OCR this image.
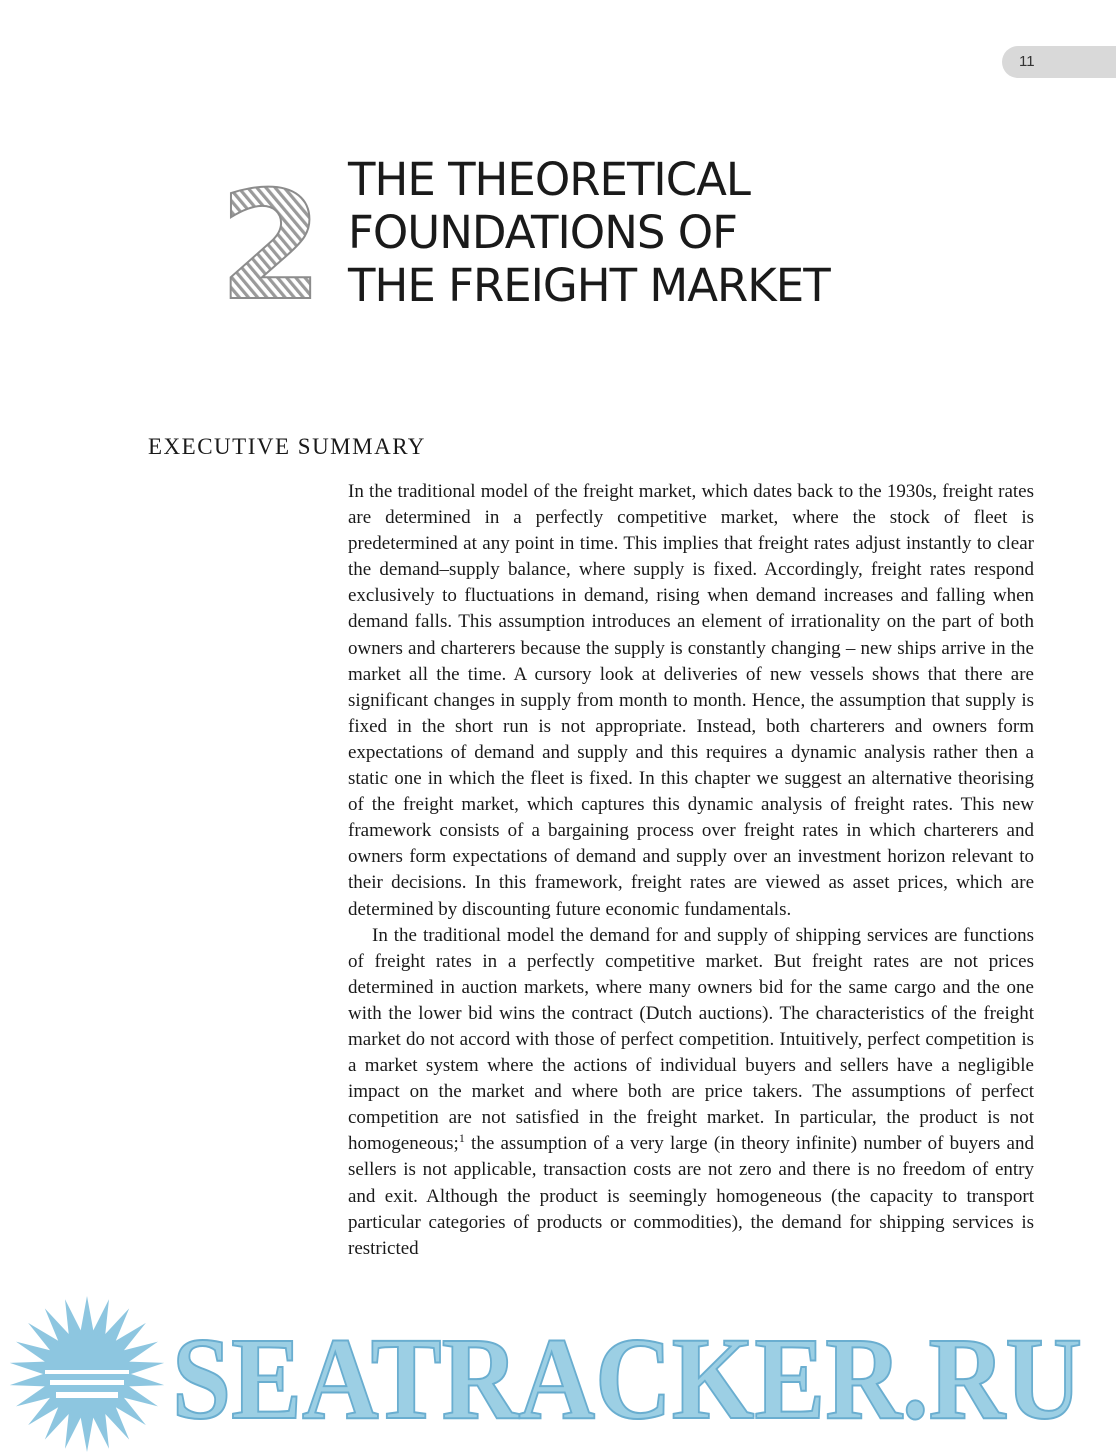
11
2 THE THEORETICAL
FOUNDATIONS OF
THE FREIGHT MARKET
EXECUTIVE SUMMARY

In the traditional model of the freight market, which dates back to the 1930s, freight rates are determined in a perfectly competitive market, where the stock of fleet is predetermined at any point in time. This implies that freight rates adjust instantly to clear the demand–supply balance, where supply is fixed. Accordingly, freight rates respond exclusively to fluctuations in demand, rising when demand increases and falling when demand falls. This assumption introduces an element of irrationality on the part of both owners and charterers because the supply is constantly changing – new ships arrive in the market all the time. A cursory look at deliveries of new vessels shows that there are significant changes in supply from month to month. Hence, the assumption that supply is fixed in the short run is not appropriate. Instead, both charterers and owners form expectations of demand and supply and this requires a dynamic analysis rather then a static one in which the fleet is fixed. In this chapter we suggest an alternative theorising of the freight market, which captures this dynamic analysis of freight rates. This new framework consists of a bargaining process over freight rates in which charterers and owners form expectations of demand and supply over an investment horizon relevant to their decisions. In this framework, freight rates are viewed as asset prices, which are determined by discounting future economic fundamentals.

In the traditional model the demand for and supply of shipping services are functions of freight rates in a perfectly competitive market. But freight rates are not prices determined in auction markets, where many owners bid for the same cargo and the one with the lower bid wins the contract (Dutch auctions). The characteristics of the freight market do not accord with those of perfect competition. Intuitively, perfect competition is a market system where the actions of individual buyers and sellers have a negligible impact on the market and where both are price takers. The assumptions of perfect competition are not satisfied in the freight market. In particular, the product is not homogeneous;$^1$ the assumption of a very large (in theory infinite) number of buyers and sellers is not applicable, transaction costs are not zero and there is no freedom of entry and exit. Although the product is seemingly homogeneous (the capacity to transport particular categories of products or commodities), the demand for shipping services is restricted

SEATRACKER.RU
